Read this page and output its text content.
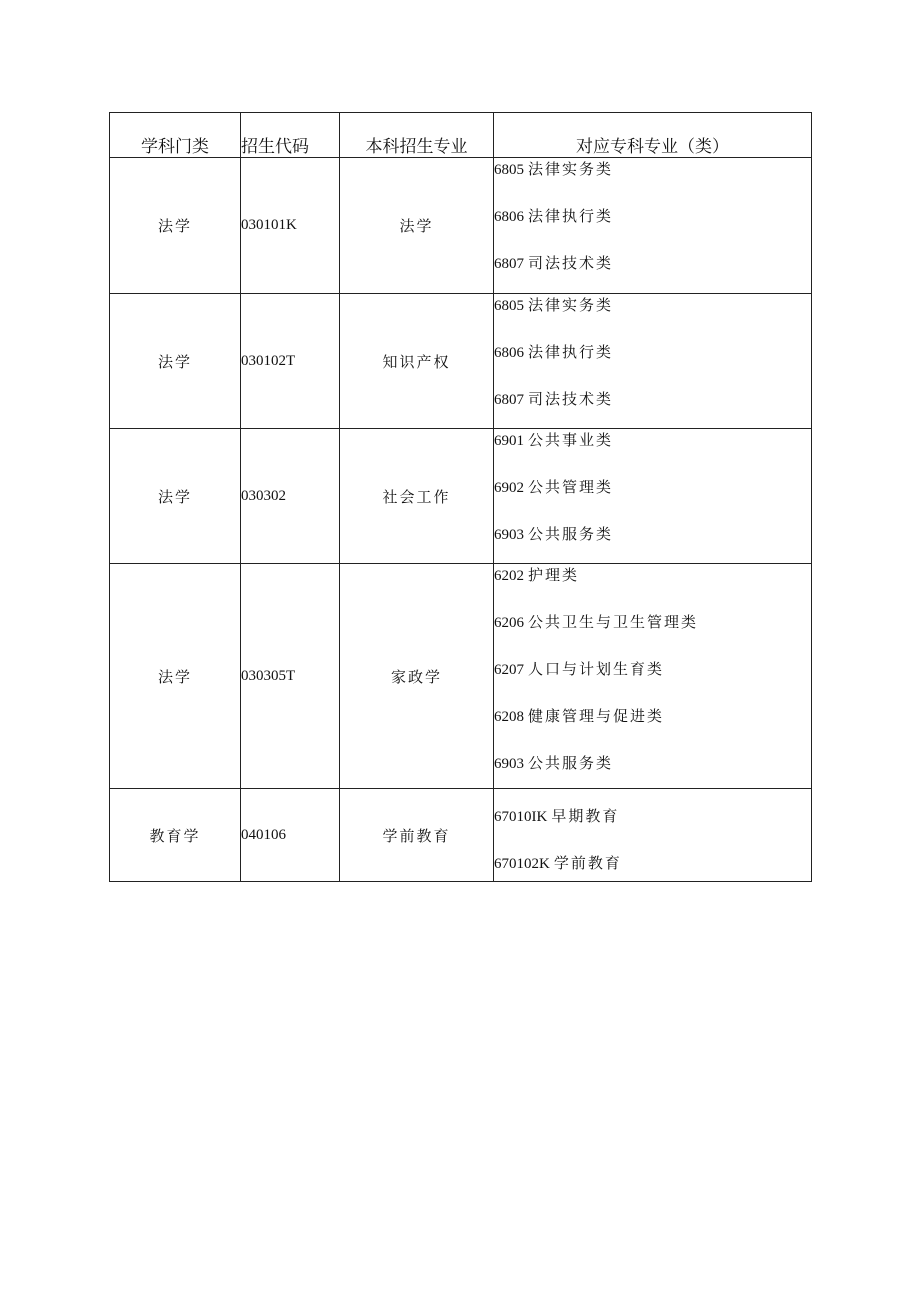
学科门类	招生代码	本科招生专业	对应专科专业（类）
法学	030101K	法学	6805 法律实务类
6806 法律执行类
6807 司法技术类

法学	030102T	知识产权	6805 法律实务类
6806 法律执行类
6807 司法技术类

法学	030302	社会工作	6901 公共事业类
6902 公共管理类
6903 公共服务类

法学	030305T	家政学	6202 护理类
6206 公共卫生与卫生管理类
6207 人口与计划生育类
6208 健康管理与促进类
6903 公共服务类

教育学	040106	学前教育	67010IK 早期教育
670102K 学前教育
